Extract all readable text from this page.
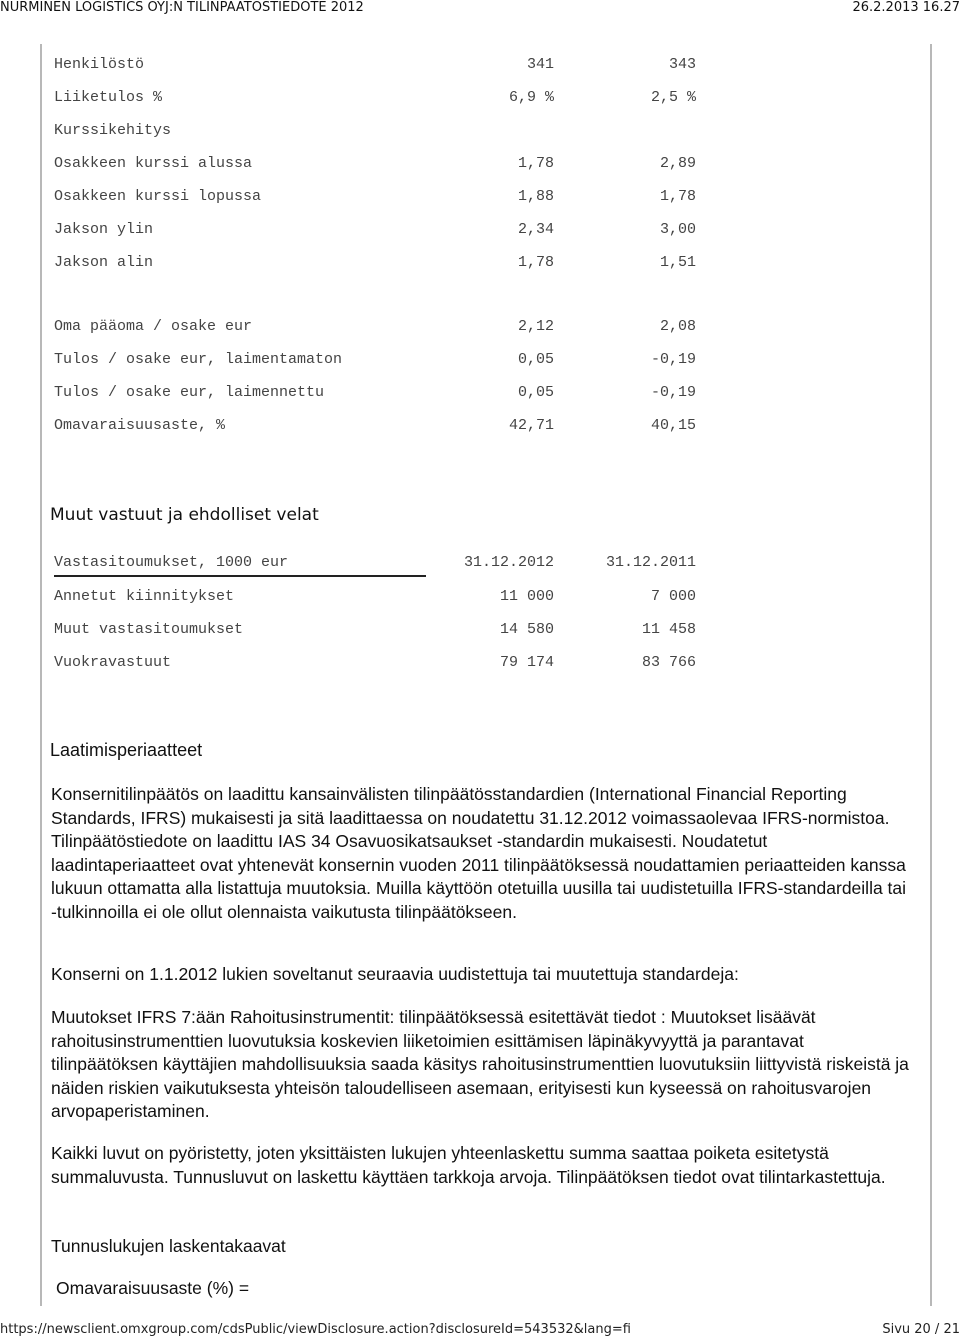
NURMINEN LOGISTICS OYJ:N TILINPÄÄTÖSTIEDOTE 2012	26.2.2013 16.27
Henkilöstö	341	343
Liiketulos %	6,9 %	2,5 %
Kurssikehitys
Osakkeen kurssi alussa	1,78	2,89
Osakkeen kurssi lopussa	1,88	1,78
Jakson ylin	2,34	3,00
Jakson alin	1,78	1,51
Oma pääoma / osake eur	2,12	2,08
Tulos / osake eur, laimentamaton	0,05	-0,19
Tulos / osake eur, laimennettu	0,05	-0,19
Omavaraisuusaste, %	42,71	40,15
Muut vastuut ja ehdolliset velat
Vastasitoumukset, 1000 eur	31.12.2012	31.12.2011
Annetut kiinnitykset	11 000	7 000
Muut vastasitoumukset	14 580	11 458
Vuokravastuut	79 174	83 766
Laatimisperiaatteet
Konsernitilinpäätös on laadittu kansainvälisten tilinpäätösstandardien (International Financial Reporting Standards, IFRS) mukaisesti ja sitä laadittaessa on noudatettu 31.12.2012 voimassaolevaa IFRS-normistoa. Tilinpäätöstiedote on laadittu IAS 34 Osavuosikatsaukset -standardin mukaisesti. Noudatetut laadintaperiaatteet ovat yhtenevät konsernin vuoden 2011 tilinpäätöksessä noudattamien periaatteiden kanssa lukuun ottamatta alla listattuja muutoksia. Muilla käyttöön otetuilla uusilla tai uudistetuilla IFRS-standardeilla tai -tulkinnoilla ei ole ollut olennaista vaikutusta tilinpäätökseen.
Konserni on 1.1.2012 lukien soveltanut seuraavia uudistettuja tai muutettuja standardeja:
Muutokset IFRS 7:ään Rahoitusinstrumentit: tilinpäätöksessä esitettävät tiedot : Muutokset lisäävät rahoitusinstrumenttien luovutuksia koskevien liiketoimien esittämisen läpinäkyvyyttä ja parantavat tilinpäätöksen käyttäjien mahdollisuuksia saada käsitys rahoitusinstrumenttien luovutuksiin liittyvistä riskeistä ja näiden riskien vaikutuksesta yhteisön taloudelliseen asemaan, erityisesti kun kyseessä on rahoitusvarojen arvopaperistaminen.
Kaikki luvut on pyöristetty, joten yksittäisten lukujen yhteenlaskettu summa saattaa poiketa esitetystä summaluvusta. Tunnusluvut on laskettu käyttäen tarkkoja arvoja. Tilinpäätöksen tiedot ovat tilintarkastettuja.
Tunnuslukujen laskentakaavat
Omavaraisuusaste (%) =
https://newsclient.omxgroup.com/cdsPublic/viewDisclosure.action?disclosureId=543532&lang=fi	Sivu 20 / 21
